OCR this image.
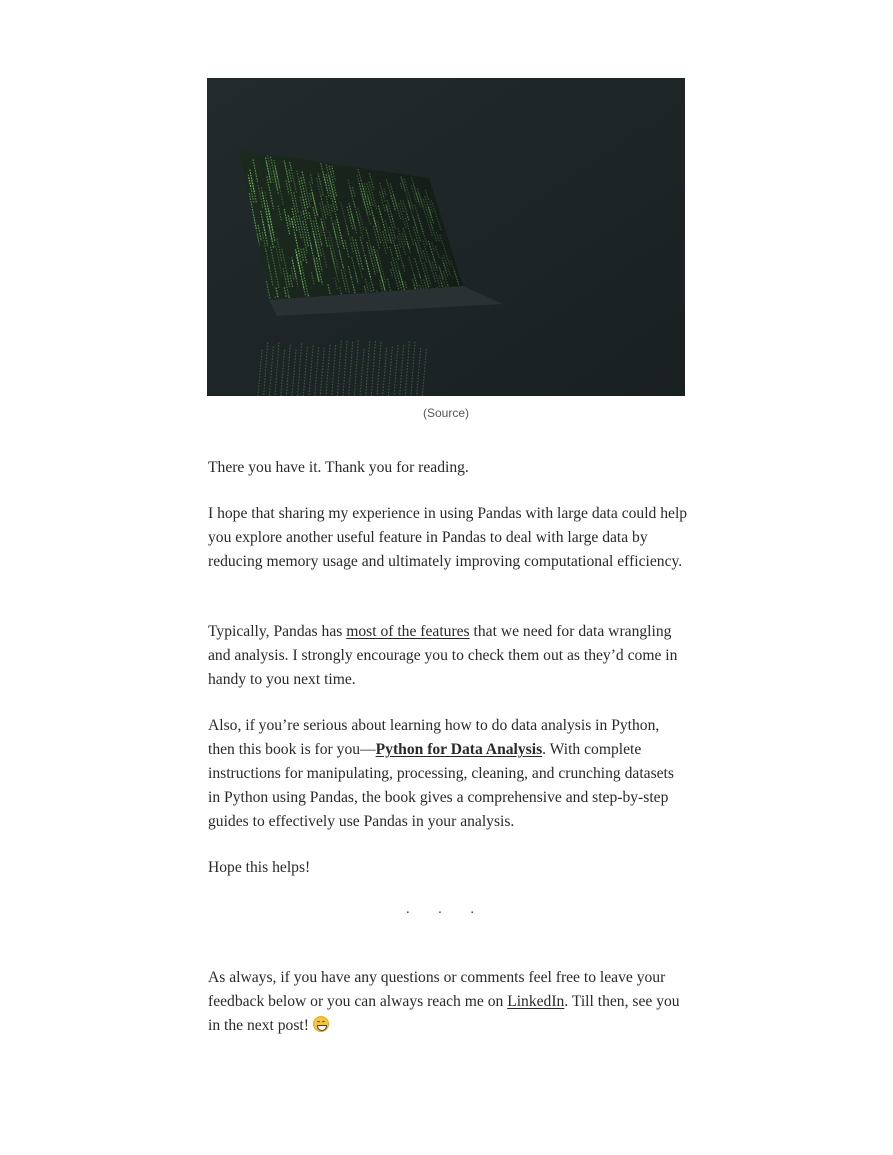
(Source)

There you have it. Thank you for reading.

I hope that sharing my experience in using Pandas with large data could help you explore another useful feature in Pandas to deal with large data by reducing memory usage and ultimately improving computational efficiency.

Typically, Pandas has most of the features that we need for data wrangling and analysis. I strongly encourage you to check them out as they’d come in handy to you next time.

Also, if you’re serious about learning how to do data analysis in Python, then this book is for you—Python for Data Analysis. With complete instructions for manipulating, processing, cleaning, and crunching datasets in Python using Pandas, the book gives a comprehensive and step-by-step guides to effectively use Pandas in your analysis.

Hope this helps!

· · ·

As always, if you have any questions or comments feel free to leave your feedback below or you can always reach me on LinkedIn. Till then, see you in the next post!
